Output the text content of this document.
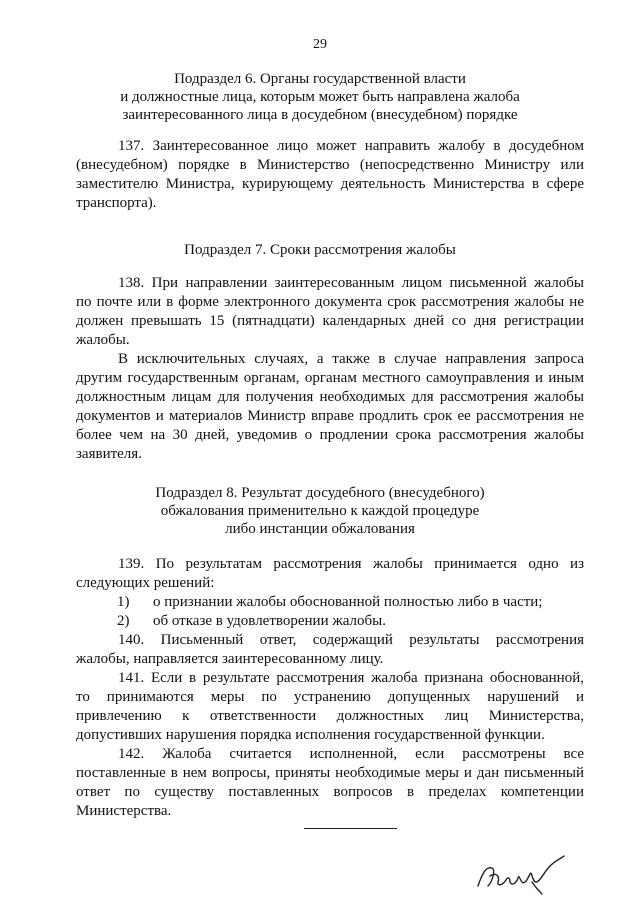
29
Подраздел 6. Органы государственной власти
и должностные лица, которым может быть направлена жалоба
заинтересованного лица в досудебном (внесудебном) порядке
137. Заинтересованное лицо может направить жалобу в досудебном
(внесудебном) порядке в Министерство (непосредственно Министру или
заместителю Министра, курирующему деятельность Министерства в сфере
транспорта).
Подраздел 7. Сроки рассмотрения жалобы
138. При направлении заинтересованным лицом письменной жалобы
по почте или в форме электронного документа срок рассмотрения жалобы не
должен превышать 15 (пятнадцати) календарных дней со дня регистрации
жалобы.
В исключительных случаях, а также в случае направления запроса
другим государственным органам, органам местного самоуправления и иным
должностным лицам для получения необходимых для рассмотрения жалобы
документов и материалов Министр вправе продлить срок ее рассмотрения не
более чем на 30 дней, уведомив о продлении срока рассмотрения жалобы
заявителя.
Подраздел 8. Результат досудебного (внесудебного)
обжалования применительно к каждой процедуре
либо инстанции обжалования
139. По результатам рассмотрения жалобы принимается одно из
следующих решений:
1) о признании жалобы обоснованной полностью либо в части;
2) об отказе в удовлетворении жалобы.
140. Письменный ответ, содержащий результаты рассмотрения
жалобы, направляется заинтересованному лицу.
141. Если в результате рассмотрения жалоба признана обоснованной,
то принимаются меры по устранению допущенных нарушений и
привлечению к ответственности должностных лиц Министерства,
допустивших нарушения порядка исполнения государственной функции.
142. Жалоба считается исполненной, если рассмотрены все
поставленные в нем вопросы, приняты необходимые меры и дан письменный
ответ по существу поставленных вопросов в пределах компетенции
Министерства.
